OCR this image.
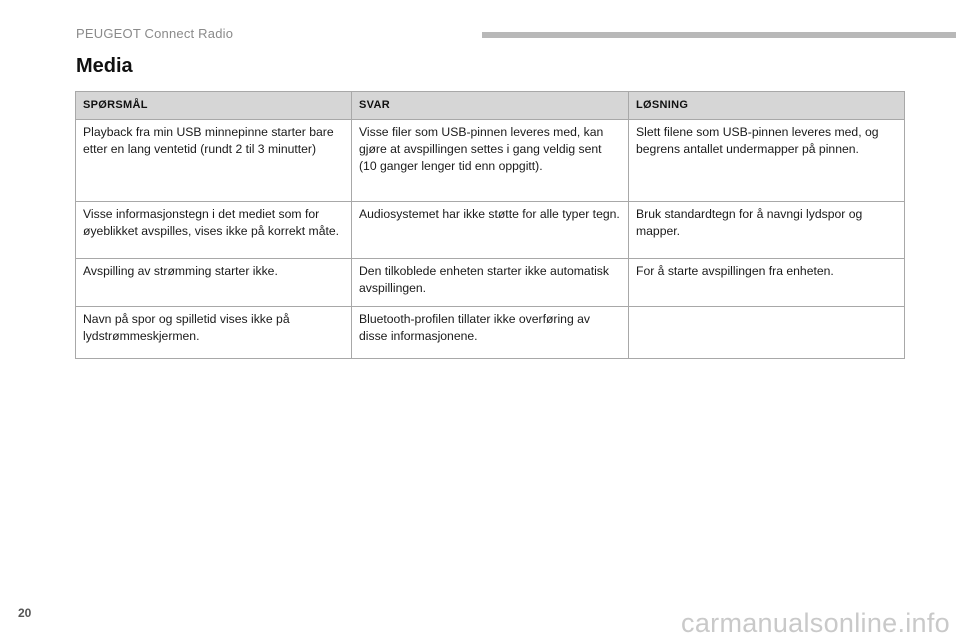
PEUGEOT Connect Radio
Media
SPØRSMÅL	SVAR	LØSNING
Playback fra min USB minnepinne starter bare etter en lang ventetid (rundt 2 til 3 minutter)	Visse filer som USB-pinnen leveres med, kan gjøre at avspillingen settes i gang veldig sent (10 ganger lenger tid enn oppgitt).	Slett filene som USB-pinnen leveres med, og begrens antallet undermapper på pinnen.
Visse informasjonstegn i det mediet som for øyeblikket avspilles, vises ikke på korrekt måte.	Audiosystemet har ikke støtte for alle typer tegn.	Bruk standardtegn for å navngi lydspor og mapper.
Avspilling av strømming starter ikke.	Den tilkoblede enheten starter ikke automatisk avspillingen.	For å starte avspillingen fra enheten.
Navn på spor og spilletid vises ikke på lydstrømmeskjermen.	Bluetooth-profilen tillater ikke overføring av disse informasjonene.	
20	carmanualsonline.info
